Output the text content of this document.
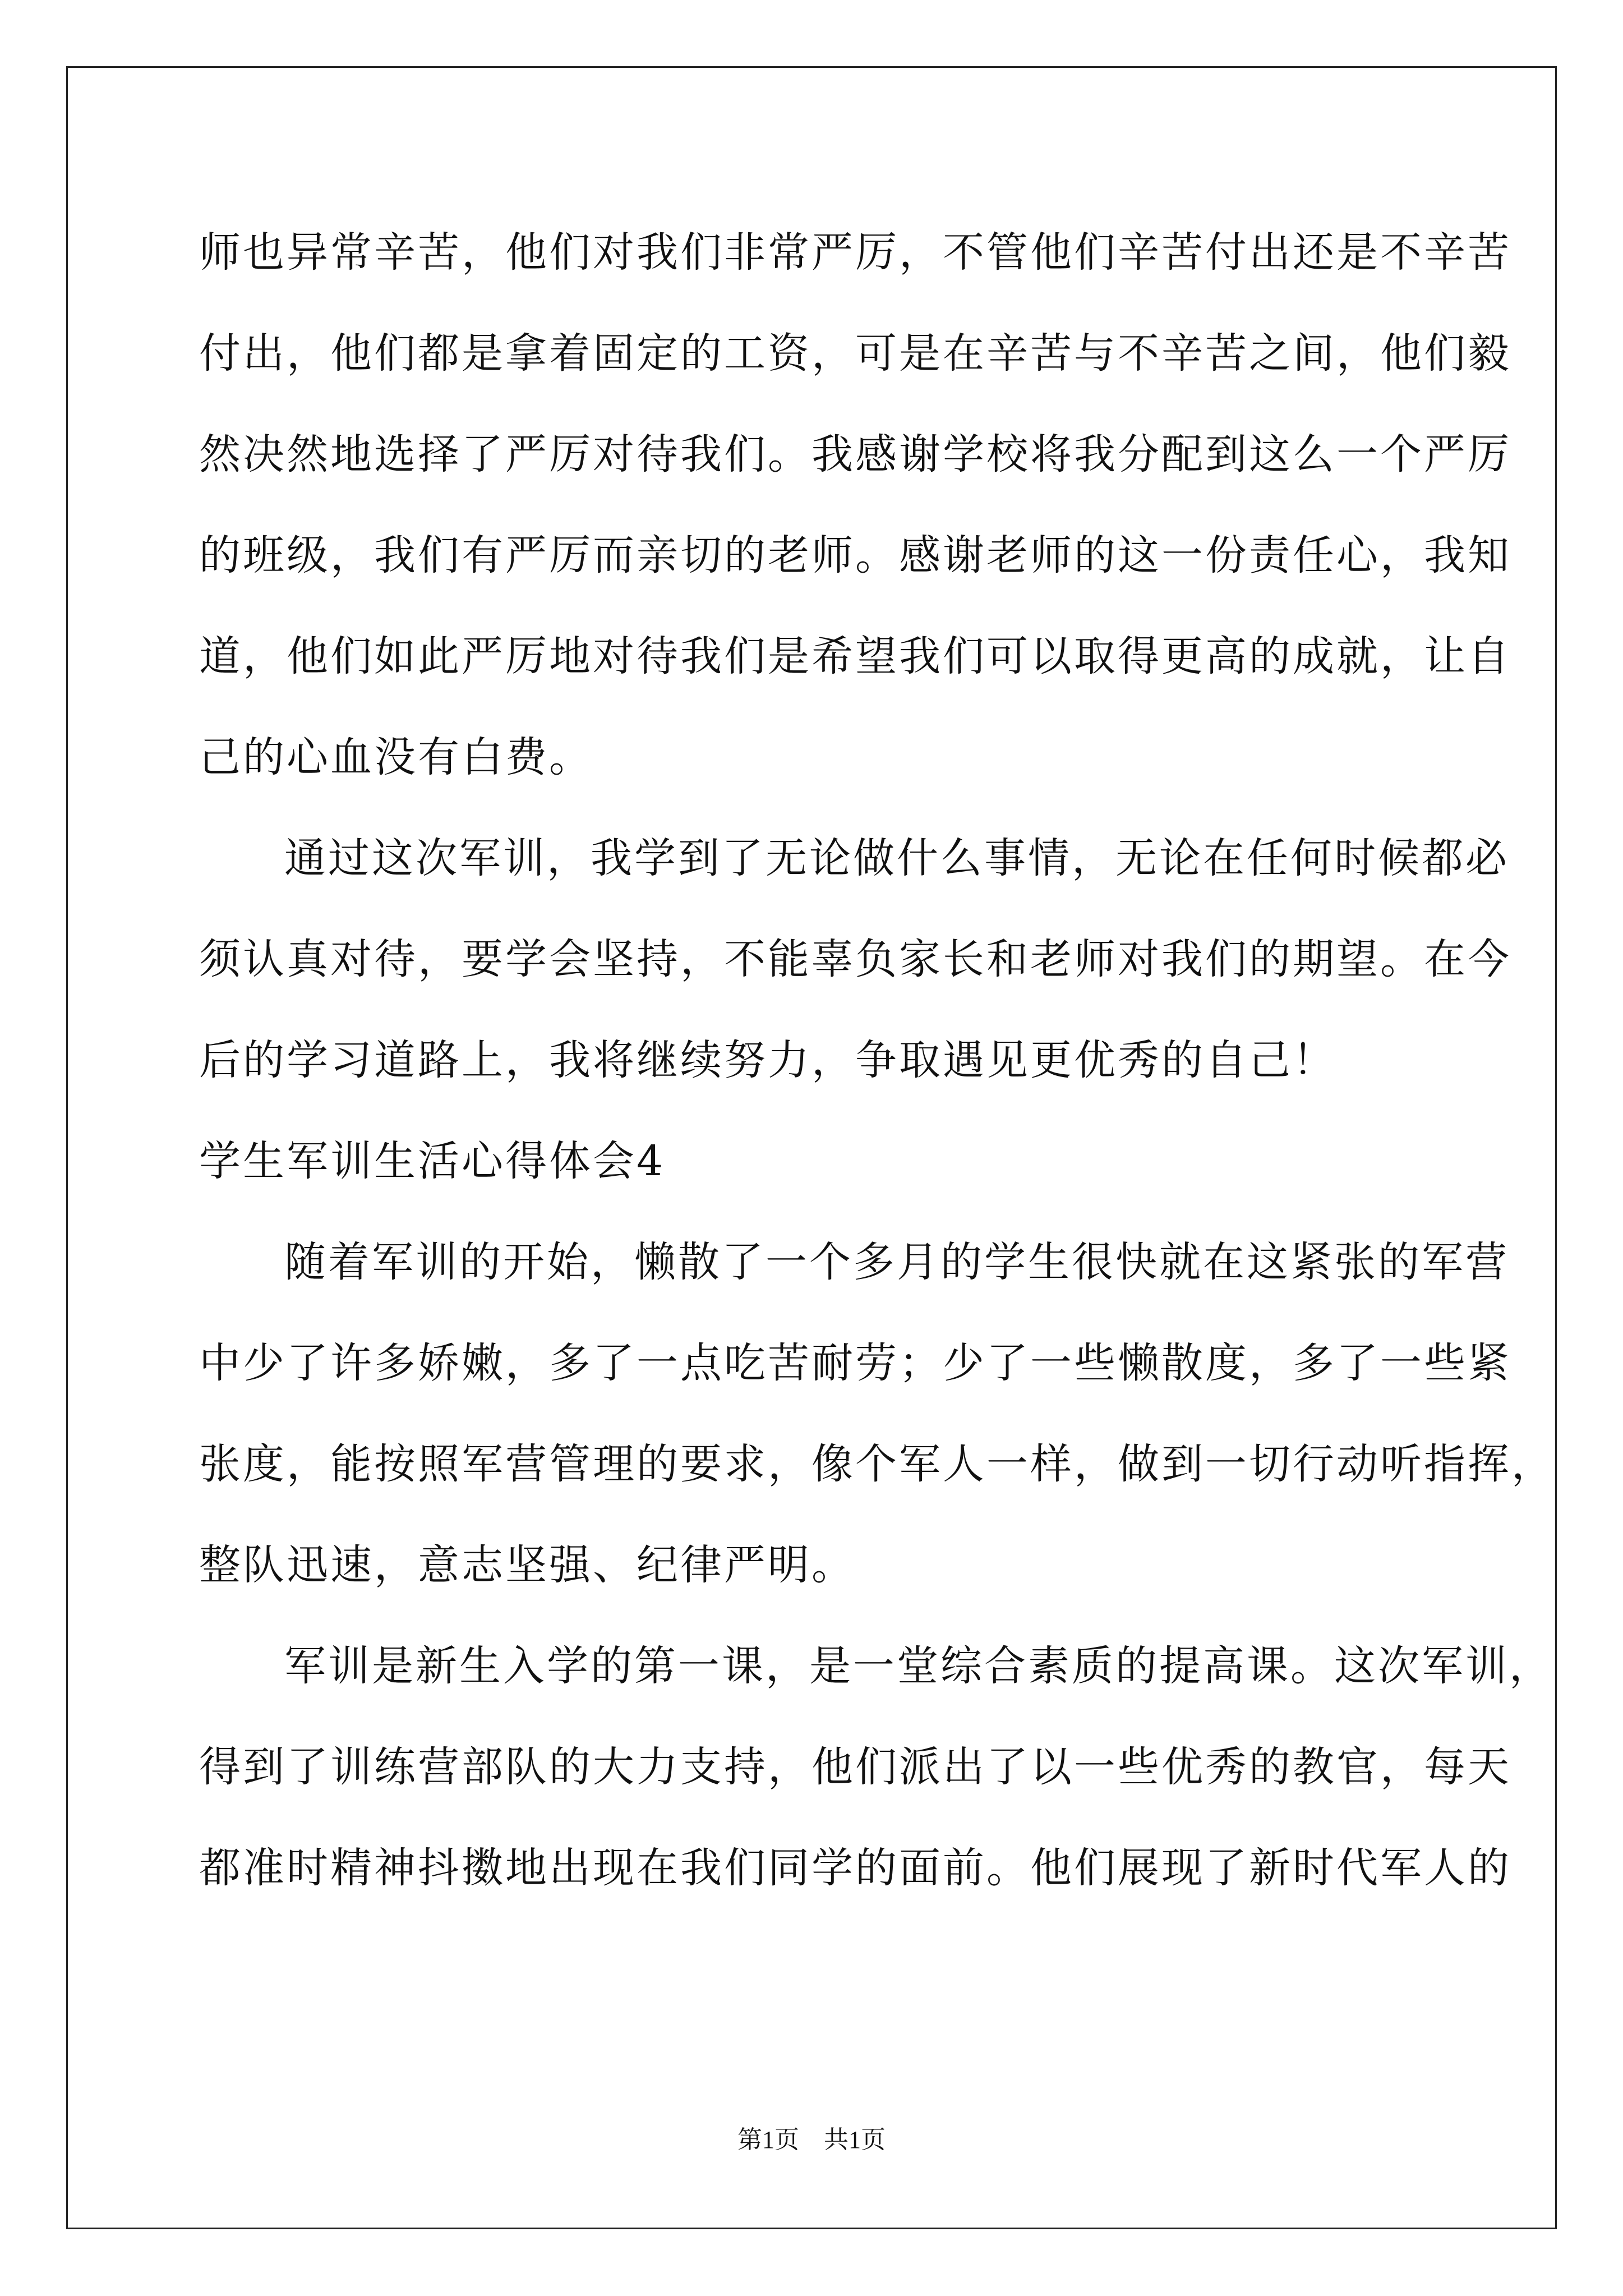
师也异常辛苦，他们对我们非常严厉，不管他们辛苦付出还是不辛苦
付出，他们都是拿着固定的工资，可是在辛苦与不辛苦之间，他们毅
然决然地选择了严厉对待我们。我感谢学校将我分配到这么一个严厉
的班级，我们有严厉而亲切的老师。感谢老师的这一份责任心，我知
道，他们如此严厉地对待我们是希望我们可以取得更高的成就，让自
己的心血没有白费。
通过这次军训，我学到了无论做什么事情，无论在任何时候都必
须认真对待，要学会坚持，不能辜负家长和老师对我们的期望。在今
后的学习道路上，我将继续努力，争取遇见更优秀的自己！
学生军训生活心得体会4
随着军训的开始，懒散了一个多月的学生很快就在这紧张的军营
中少了许多娇嫩，多了一点吃苦耐劳；少了一些懒散度，多了一些紧
张度，能按照军营管理的要求，像个军人一样，做到一切行动听指挥，
整队迅速，意志坚强、纪律严明。
军训是新生入学的第一课，是一堂综合素质的提高课。这次军训，
得到了训练营部队的大力支持，他们派出了以一些优秀的教官，每天
都准时精神抖擞地出现在我们同学的面前。他们展现了新时代军人的
第1页 共1页
